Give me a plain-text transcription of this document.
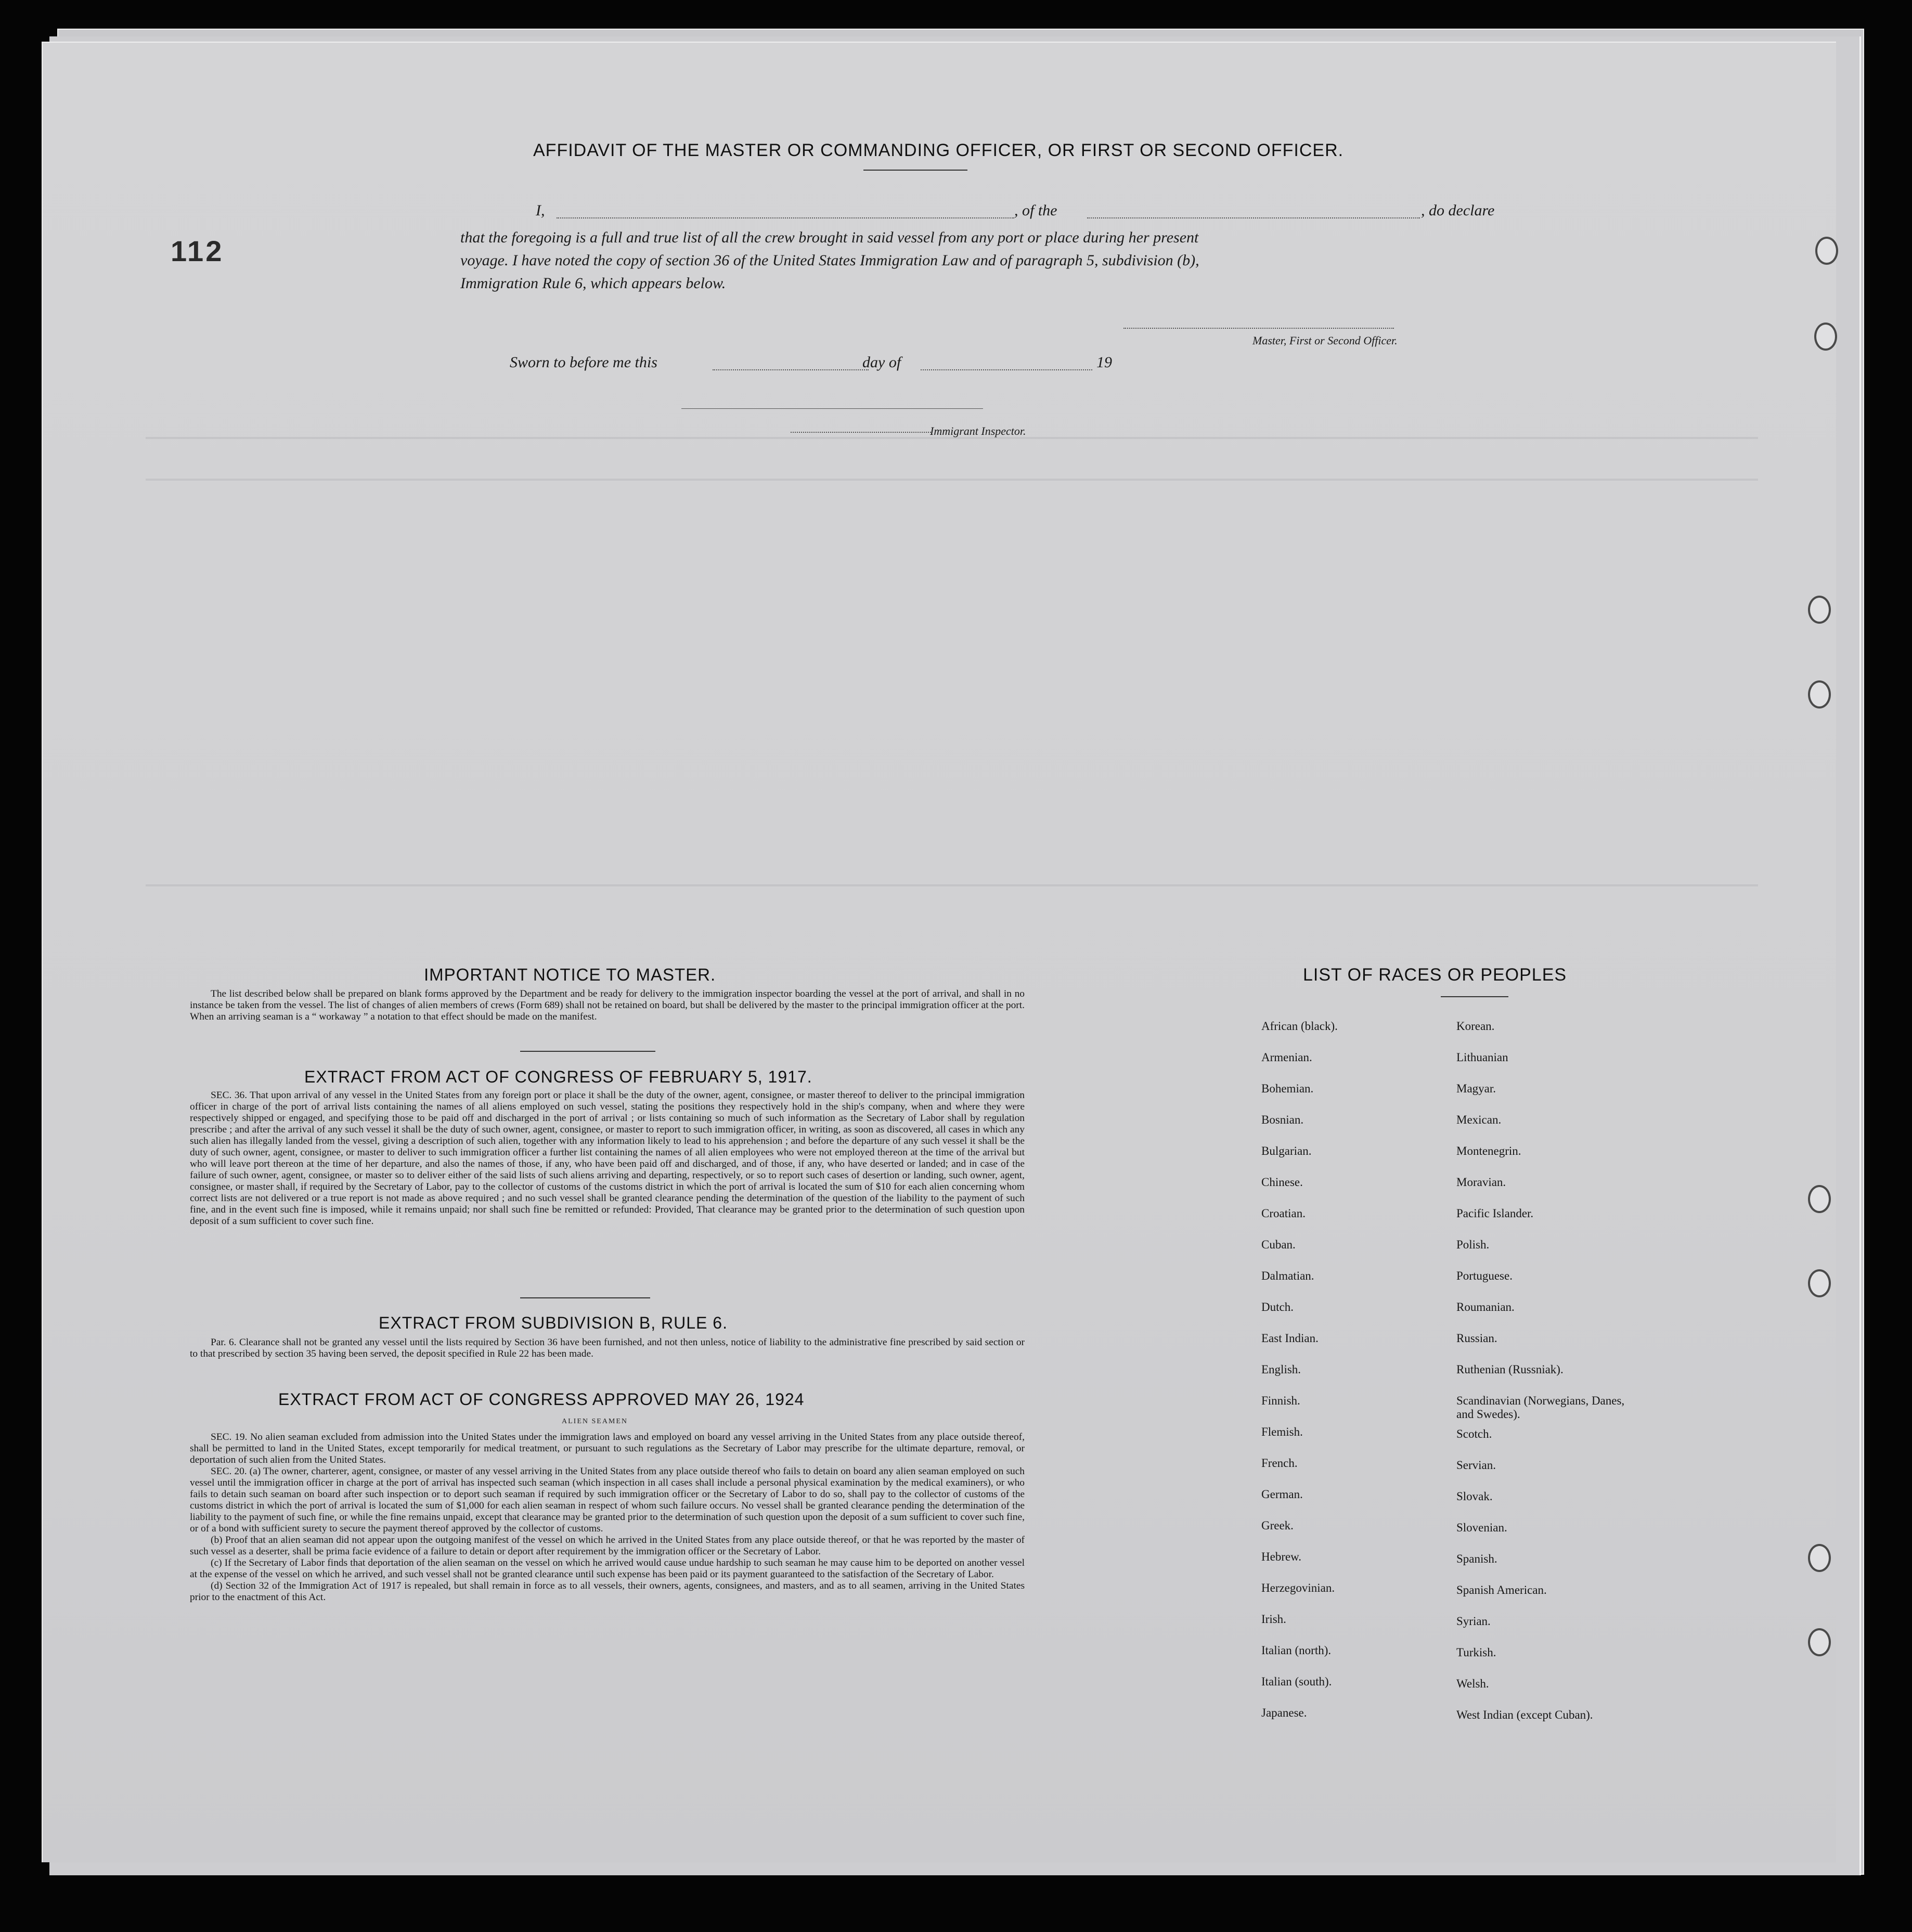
112
AFFIDAVIT OF THE MASTER OR COMMANDING OFFICER, OR FIRST OR SECOND OFFICER.
I,	, of the	, do declare
that the foregoing is a full and true list of all the crew brought in said vessel from any port or place during her present
voyage. I have noted the copy of section 36 of the United States Immigration Law and of paragraph 5, subdivision (b),
Immigration Rule 6, which appears below.
Master, First or Second Officer.
Sworn to before me this	day of	19
Immigrant Inspector.
IMPORTANT NOTICE TO MASTER.

The list described below shall be prepared on blank forms approved by the Department and be ready for delivery to the immigration inspector boarding the vessel at the port of arrival, and shall in no instance be taken from the vessel. The list of changes of alien members of crews (Form 689) shall not be retained on board, but shall be delivered by the master to the principal immigration officer at the port. When an arriving seaman is a “ workaway ” a notation to that effect should be made on the manifest.

EXTRACT FROM ACT OF CONGRESS OF FEBRUARY 5, 1917.

SEC. 36. That upon arrival of any vessel in the United States from any foreign port or place it shall be the duty of the owner, agent, consignee, or master thereof to deliver to the principal immigration officer in charge of the port of arrival lists containing the names of all aliens employed on such vessel, stating the positions they respectively hold in the ship's company, when and where they were respectively shipped or engaged, and specifying those to be paid off and discharged in the port of arrival ; or lists containing so much of such information as the Secretary of Labor shall by regulation prescribe ; and after the arrival of any such vessel it shall be the duty of such owner, agent, consignee, or master to report to such immigration officer, in writing, as soon as discovered, all cases in which any such alien has illegally landed from the vessel, giving a description of such alien, together with any information likely to lead to his apprehension ; and before the departure of any such vessel it shall be the duty of such owner, agent, consignee, or master to deliver to such immigration officer a further list containing the names of all alien employees who were not employed thereon at the time of the arrival but who will leave port thereon at the time of her departure, and also the names of those, if any, who have been paid off and discharged, and of those, if any, who have deserted or landed; and in case of the failure of such owner, agent, consignee, or master so to deliver either of the said lists of such aliens arriving and departing, respectively, or so to report such cases of desertion or landing, such owner, agent, consignee, or master shall, if required by the Secretary of Labor, pay to the collector of customs of the customs district in which the port of arrival is located the sum of $10 for each alien concerning whom correct lists are not delivered or a true report is not made as above required ; and no such vessel shall be granted clearance pending the determination of the question of the liability to the payment of such fine, and in the event such fine is imposed, while it remains unpaid; nor shall such fine be remitted or refunded: Provided, That clearance may be granted prior to the determination of such question upon deposit of a sum sufficient to cover such fine.

EXTRACT FROM SUBDIVISION B, RULE 6.

Par. 6. Clearance shall not be granted any vessel until the lists required by Section 36 have been furnished, and not then unless, notice of liability to the administrative fine prescribed by said section or to that prescribed by section 35 having been served, the deposit specified in Rule 22 has been made.

EXTRACT FROM ACT OF CONGRESS APPROVED MAY 26, 1924
ALIEN SEAMEN

SEC. 19. No alien seaman excluded from admission into the United States under the immigration laws and employed on board any vessel arriving in the United States from any place outside thereof, shall be permitted to land in the United States, except temporarily for medical treatment, or pursuant to such regulations as the Secretary of Labor may prescribe for the ultimate departure, removal, or deportation of such alien from the United States.

SEC. 20. (a) The owner, charterer, agent, consignee, or master of any vessel arriving in the United States from any place outside thereof who fails to detain on board any alien seaman employed on such vessel until the immigration officer in charge at the port of arrival has inspected such seaman (which inspection in all cases shall include a personal physical examination by the medical examiners), or who fails to detain such seaman on board after such inspection or to deport such seaman if required by such immigration officer or the Secretary of Labor to do so, shall pay to the collector of customs of the customs district in which the port of arrival is located the sum of $1,000 for each alien seaman in respect of whom such failure occurs. No vessel shall be granted clearance pending the determination of the liability to the payment of such fine, or while the fine remains unpaid, except that clearance may be granted prior to the determination of such question upon the deposit of a sum sufficient to cover such fine, or of a bond with sufficient surety to secure the payment thereof approved by the collector of customs.

(b) Proof that an alien seaman did not appear upon the outgoing manifest of the vessel on which he arrived in the United States from any place outside thereof, or that he was reported by the master of such vessel as a deserter, shall be prima facie evidence of a failure to detain or deport after requirement by the immigration officer or the Secretary of Labor.

(c) If the Secretary of Labor finds that deportation of the alien seaman on the vessel on which he arrived would cause undue hardship to such seaman he may cause him to be deported on another vessel at the expense of the vessel on which he arrived, and such vessel shall not be granted clearance until such expense has been paid or its payment guaranteed to the satisfaction of the Secretary of Labor.

(d) Section 32 of the Immigration Act of 1917 is repealed, but shall remain in force as to all vessels, their owners, agents, consignees, and masters, and as to all seamen, arriving in the United States prior to the enactment of this Act.

LIST OF RACES OR PEOPLES
African (black).
Armenian.
Bohemian.
Bosnian.
Bulgarian.
Chinese.
Croatian.
Cuban.
Dalmatian.
Dutch.
East Indian.
English.
Finnish.
Flemish.
French.
German.
Greek.
Hebrew.
Herzegovinian.
Irish.
Italian (north).
Italian (south).
Japanese.
Korean.
Lithuanian
Magyar.
Mexican.
Montenegrin.
Moravian.
Pacific Islander.
Polish.
Portuguese.
Roumanian.
Russian.
Ruthenian (Russniak).
Scandinavian (Norwegians, Danes, and Swedes).
Scotch.
Servian.
Slovak.
Slovenian.
Spanish.
Spanish American.
Syrian.
Turkish.
Welsh.
West Indian (except Cuban).
